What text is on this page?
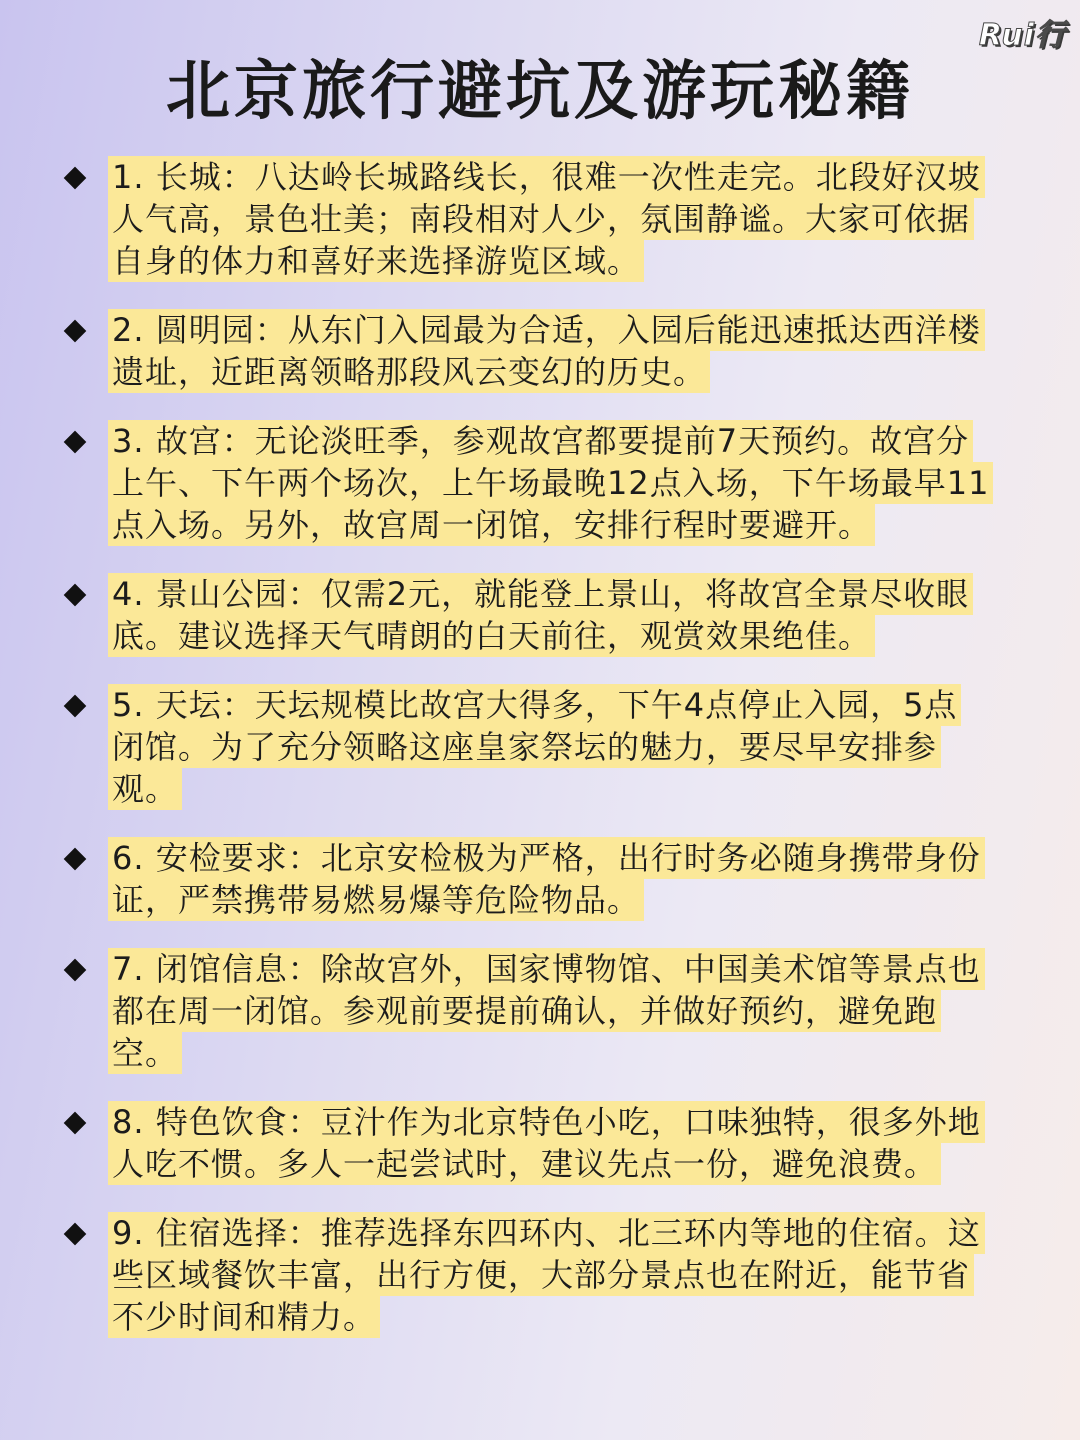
Rui行
北京旅行避坑及游玩秘籍
1. 长城：八达岭长城路线长，很难一次性走完。北段好汉坡人气高，景色壮美；南段相对人少，氛围静谧。大家可依据自身的体力和喜好来选择游览区域。
2. 圆明园：从东门入园最为合适，入园后能迅速抵达西洋楼遗址，近距离领略那段风云变幻的历史。
3. 故宫：无论淡旺季，参观故宫都要提前7天预约。故宫分上午、下午两个场次，上午场最晚12点入场，下午场最早11点入场。另外，故宫周一闭馆，安排行程时要避开。
4. 景山公园：仅需2元，就能登上景山，将故宫全景尽收眼底。建议选择天气晴朗的白天前往，观赏效果绝佳。
5. 天坛：天坛规模比故宫大得多，下午4点停止入园，5点闭馆。为了充分领略这座皇家祭坛的魅力，要尽早安排参观。
6. 安检要求：北京安检极为严格，出行时务必随身携带身份证，严禁携带易燃易爆等危险物品。
7. 闭馆信息：除故宫外，国家博物馆、中国美术馆等景点也都在周一闭馆。参观前要提前确认，并做好预约，避免跑空。
8. 特色饮食：豆汁作为北京特色小吃，口味独特，很多外地人吃不惯。多人一起尝试时，建议先点一份，避免浪费。
9. 住宿选择：推荐选择东四环内、北三环内等地的住宿。这些区域餐饮丰富，出行方便，大部分景点也在附近，能节省不少时间和精力。
